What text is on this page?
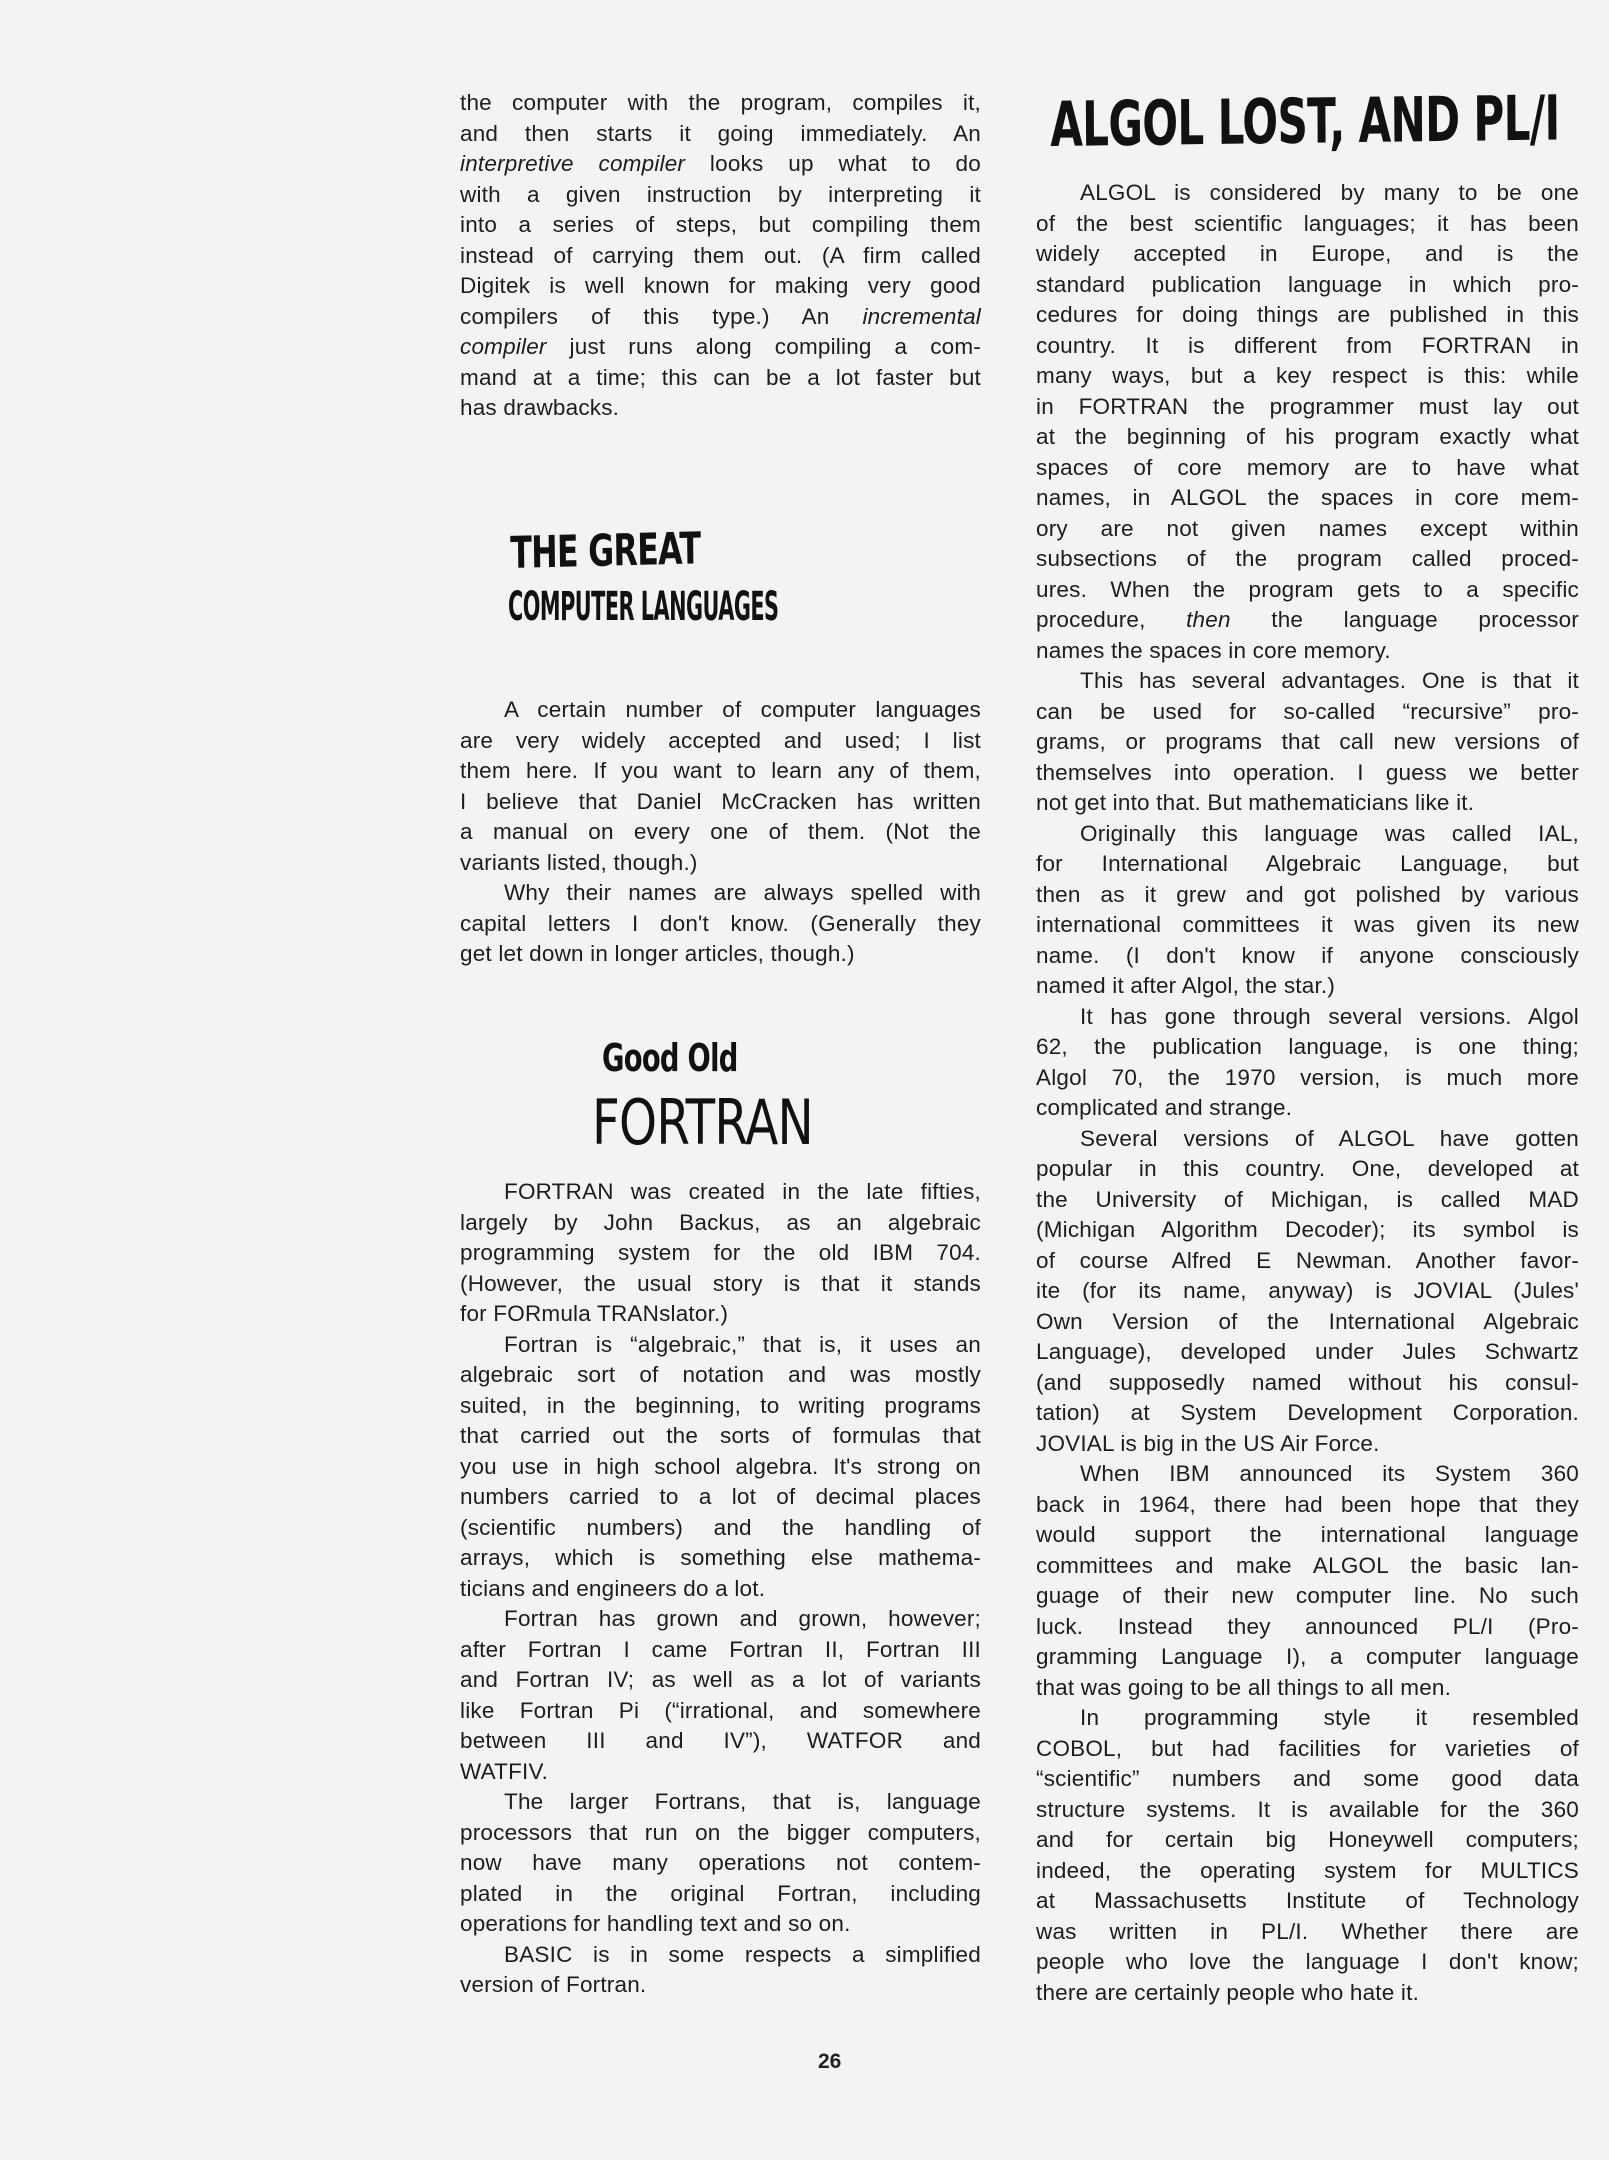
the computer with the program, compiles it,
and then starts it going immediately. An
interpretive compiler looks up what to do
with a given instruction by interpreting it
into a series of steps, but compiling them
instead of carrying them out. (A firm called
Digitek is well known for making very good
compilers of this type.) An incremental
compiler just runs along compiling a com-
mand at a time; this can be a lot faster but
has drawbacks.
THE GREAT
COMPUTER LANGUAGES
A certain number of computer languages
are very widely accepted and used; I list
them here. If you want to learn any of them,
I believe that Daniel McCracken has written
a manual on every one of them. (Not the
variants listed, though.)
Why their names are always spelled with
capital letters I don't know. (Generally they
get let down in longer articles, though.)
Good Old
FORTRAN
FORTRAN was created in the late fifties,
largely by John Backus, as an algebraic
programming system for the old IBM 704.
(However, the usual story is that it stands
for FORmula TRANslator.)
Fortran is “algebraic,” that is, it uses an
algebraic sort of notation and was mostly
suited, in the beginning, to writing programs
that carried out the sorts of formulas that
you use in high school algebra. It's strong on
numbers carried to a lot of decimal places
(scientific numbers) and the handling of
arrays, which is something else mathema-
ticians and engineers do a lot.
Fortran has grown and grown, however;
after Fortran I came Fortran II, Fortran III
and Fortran IV; as well as a lot of variants
like Fortran Pi (“irrational, and somewhere
between III and IV”), WATFOR and
WATFIV.
The larger Fortrans, that is, language
processors that run on the bigger computers,
now have many operations not contem-
plated in the original Fortran, including
operations for handling text and so on.
BASIC is in some respects a simplified
version of Fortran.
ALGOL LOST, AND PL/I
ALGOL is considered by many to be one
of the best scientific languages; it has been
widely accepted in Europe, and is the
standard publication language in which pro-
cedures for doing things are published in this
country. It is different from FORTRAN in
many ways, but a key respect is this: while
in FORTRAN the programmer must lay out
at the beginning of his program exactly what
spaces of core memory are to have what
names, in ALGOL the spaces in core mem-
ory are not given names except within
subsections of the program called proced-
ures. When the program gets to a specific
procedure, then the language processor
names the spaces in core memory.
This has several advantages. One is that it
can be used for so-called “recursive” pro-
grams, or programs that call new versions of
themselves into operation. I guess we better
not get into that. But mathematicians like it.
Originally this language was called IAL,
for International Algebraic Language, but
then as it grew and got polished by various
international committees it was given its new
name. (I don't know if anyone consciously
named it after Algol, the star.)
It has gone through several versions. Algol
62, the publication language, is one thing;
Algol 70, the 1970 version, is much more
complicated and strange.
Several versions of ALGOL have gotten
popular in this country. One, developed at
the University of Michigan, is called MAD
(Michigan Algorithm Decoder); its symbol is
of course Alfred E Newman. Another favor-
ite (for its name, anyway) is JOVIAL (Jules'
Own Version of the International Algebraic
Language), developed under Jules Schwartz
(and supposedly named without his consul-
tation) at System Development Corporation.
JOVIAL is big in the US Air Force.
When IBM announced its System 360
back in 1964, there had been hope that they
would support the international language
committees and make ALGOL the basic lan-
guage of their new computer line. No such
luck. Instead they announced PL/I (Pro-
gramming Language I), a computer language
that was going to be all things to all men.
In programming style it resembled
COBOL, but had facilities for varieties of
“scientific” numbers and some good data
structure systems. It is available for the 360
and for certain big Honeywell computers;
indeed, the operating system for MULTICS
at Massachusetts Institute of Technology
was written in PL/I. Whether there are
people who love the language I don't know;
there are certainly people who hate it.
26
